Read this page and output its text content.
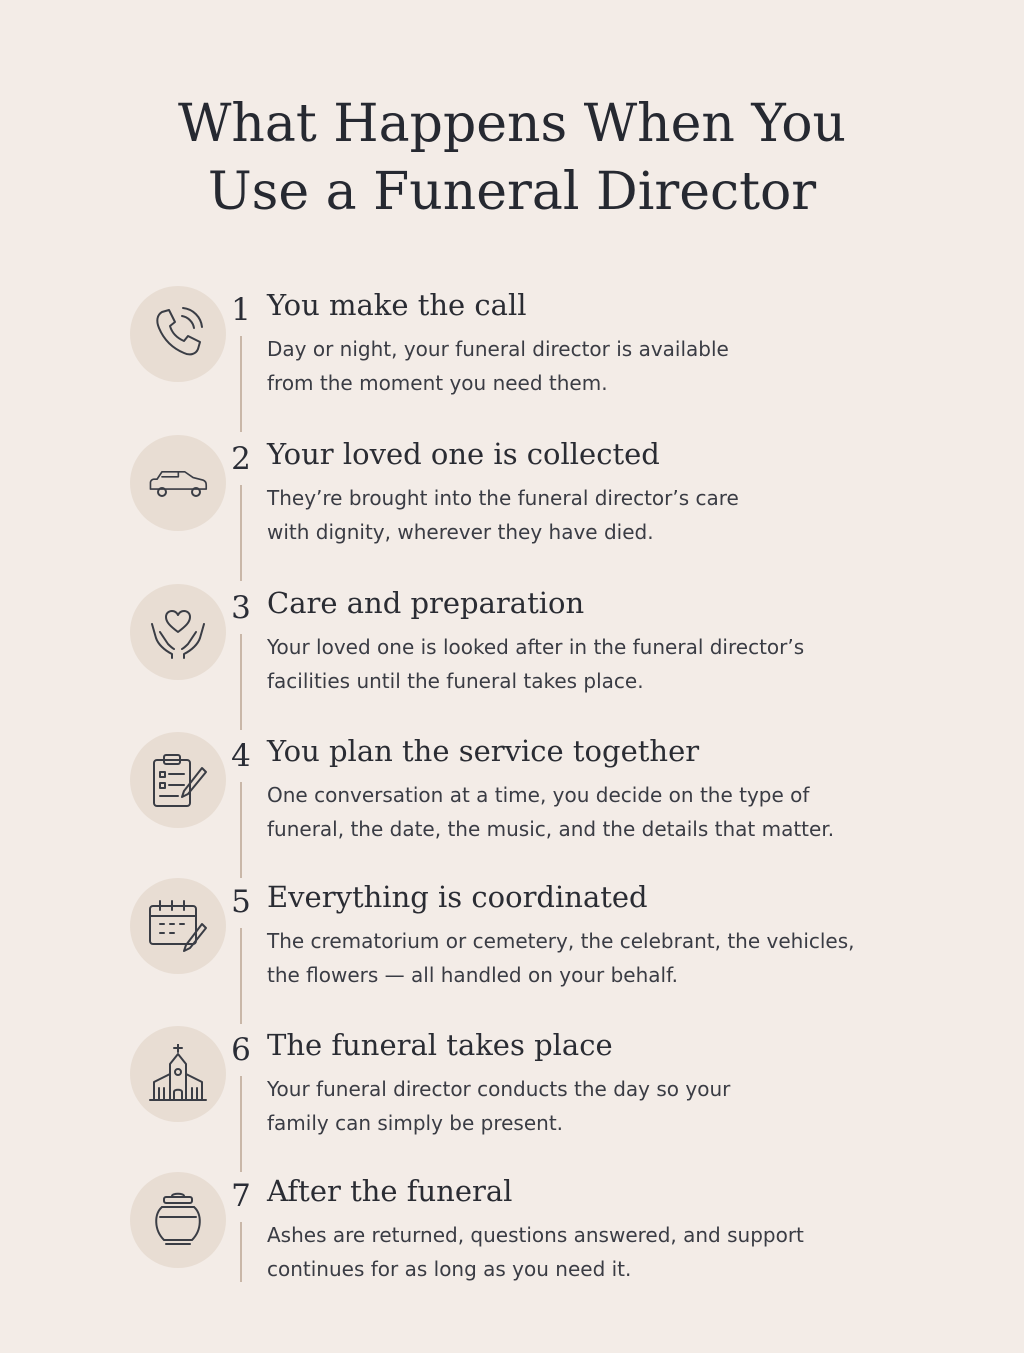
What Happens When You
Use a Funeral Director
1 You make the call
Day or night, your funeral director is available
from the moment you need them.
2 Your loved one is collected
They’re brought into the funeral director’s care
with dignity, wherever they have died.
3 Care and preparation
Your loved one is looked after in the funeral director’s
facilities until the funeral takes place.
4 You plan the service together
One conversation at a time, you decide on the type of
funeral, the date, the music, and the details that matter.
5 Everything is coordinated
The crematorium or cemetery, the celebrant, the vehicles,
the flowers — all handled on your behalf.
6 The funeral takes place
Your funeral director conducts the day so your
family can simply be present.
7 After the funeral
Ashes are returned, questions answered, and support
continues for as long as you need it.
